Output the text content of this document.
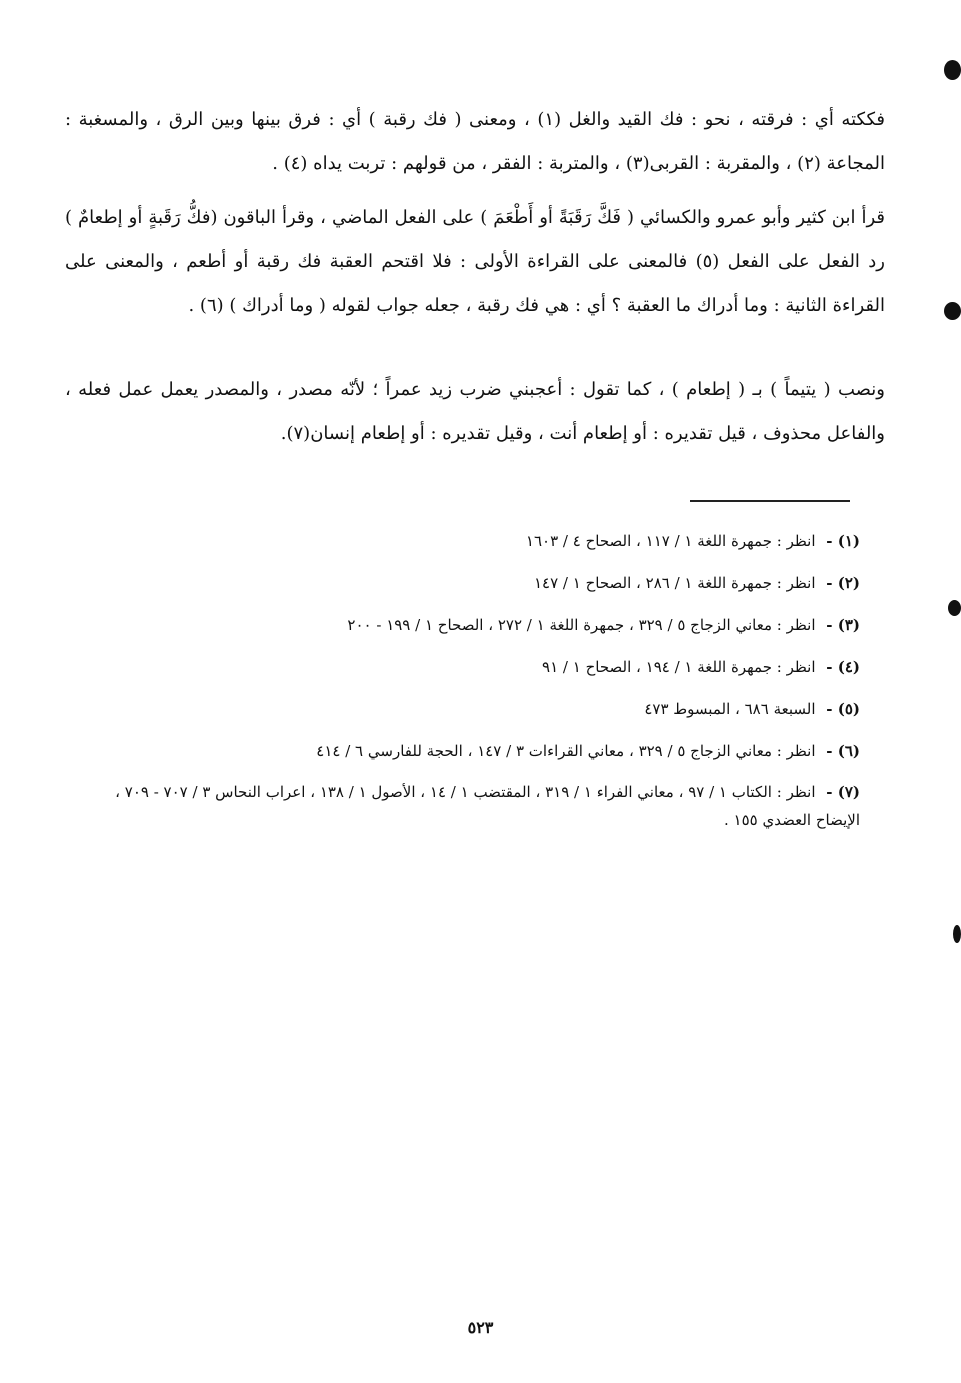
فككته أي : فرقته ، نحو : فك القيد والغل (١) ، ومعنى ( فك رقبة ) أي : فرق بينها وبين الرق ، والمسغبة : المجاعة (٢) ، والمقربة : القربى(٣) ، والمتربة : الفقر ، من قولهم : تربت يداه (٤) .

قرأ ابن كثير وأبو عمرو والكسائي ( فَكَّ رَقَبَةً أو أَطْعَمَ ) على الفعل الماضي ، وقرأ الباقون (فكُّ رَقَبةٍ أو إطعامٌ ) رد الفعل على الفعل (٥) فالمعنى على القراءة الأولى : فلا اقتحم العقبة فك رقبة أو أطعم ، والمعنى على القراءة الثانية : وما أدراك ما العقبة ؟ أي : هي فك رقبة ، جعله جواب لقوله ( وما أدراك ) (٦) .

ونصب ( يتيماً ) بـ ( إطعام ) ، كما تقول : أعجبني ضرب زيد عمراً ؛ لأنّه مصدر ، والمصدر يعمل عمل فعله ، والفاعل محذوف ، قيل تقديره : أو إطعام أنت ، وقيل تقديره : أو إطعام إنسان(٧).

(١) - انظر : جمهرة اللغة ١ / ١١٧ ، الصحاح ٤ / ١٦٠٣
(٢) - انظر : جمهرة اللغة ١ / ٢٨٦ ، الصحاح ١ / ١٤٧
(٣) - انظر : معاني الزجاج ٥ / ٣٢٩ ، جمهرة اللغة ١ / ٢٧٢ ، الصحاح ١ / ١٩٩ - ٢٠٠
(٤) - انظر : جمهرة اللغة ١ / ١٩٤ ، الصحاح ١ / ٩١
(٥) - السبعة ٦٨٦ ، المبسوط ٤٧٣
(٦) - انظر : معاني الزجاج ٥ / ٣٢٩ ، معاني القراءات ٣ / ١٤٧ ، الحجة للفارسي ٦ / ٤١٤
(٧) - انظر : الكتاب ١ / ٩٧ ، معاني الفراء ١ / ٣١٩ ، المقتضب ١ / ١٤ ، الأصول ١ / ١٣٨ ، اعراب النحاس ٣ / ٧٠٧ - ٧٠٩ ، الإيضاح العضدي ١٥٥ .
٥٢٣
